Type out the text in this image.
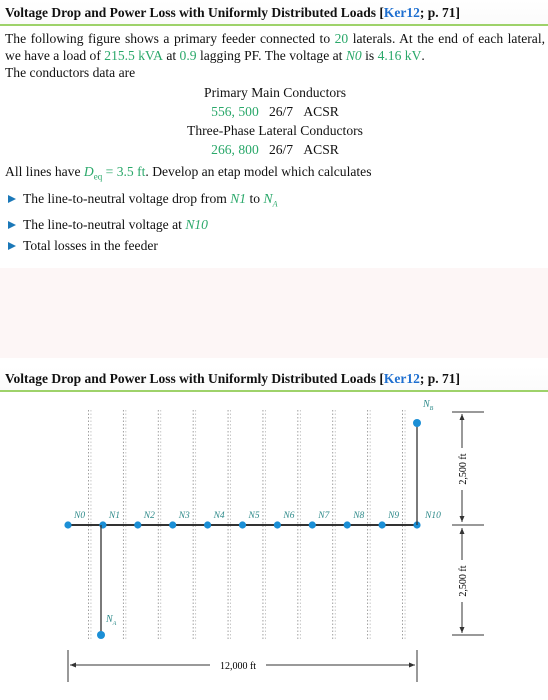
Voltage Drop and Power Loss with Uniformly Distributed Loads [Ker12; p. 71]

The following figure shows a primary feeder connected to 20 laterals. At the end of each lateral, we have a load of 215.5 kVA at 0.9 lagging PF. The voltage at N0 is 4.16 kV.

The conductors data are

Primary Main Conductors
556, 500 26/7 ACSR
Three-Phase Lateral Conductors
266, 800 26/7 ACSR

All lines have $D_{eq} = 3.5$ ft. Develop an etap model which calculates

The line-to-neutral voltage drop from N1 to $N_A$
The line-to-neutral voltage at N10
Total losses in the feeder
Voltage Drop and Power Loss with Uniformly Distributed Loads [Ker12; p. 71]
N0	N1	N2	N3	N4	N5	N6	N7	N8	N9	N10
$N_B$
$N_A$
2,500 ft
2,500 ft
12,000 ft
